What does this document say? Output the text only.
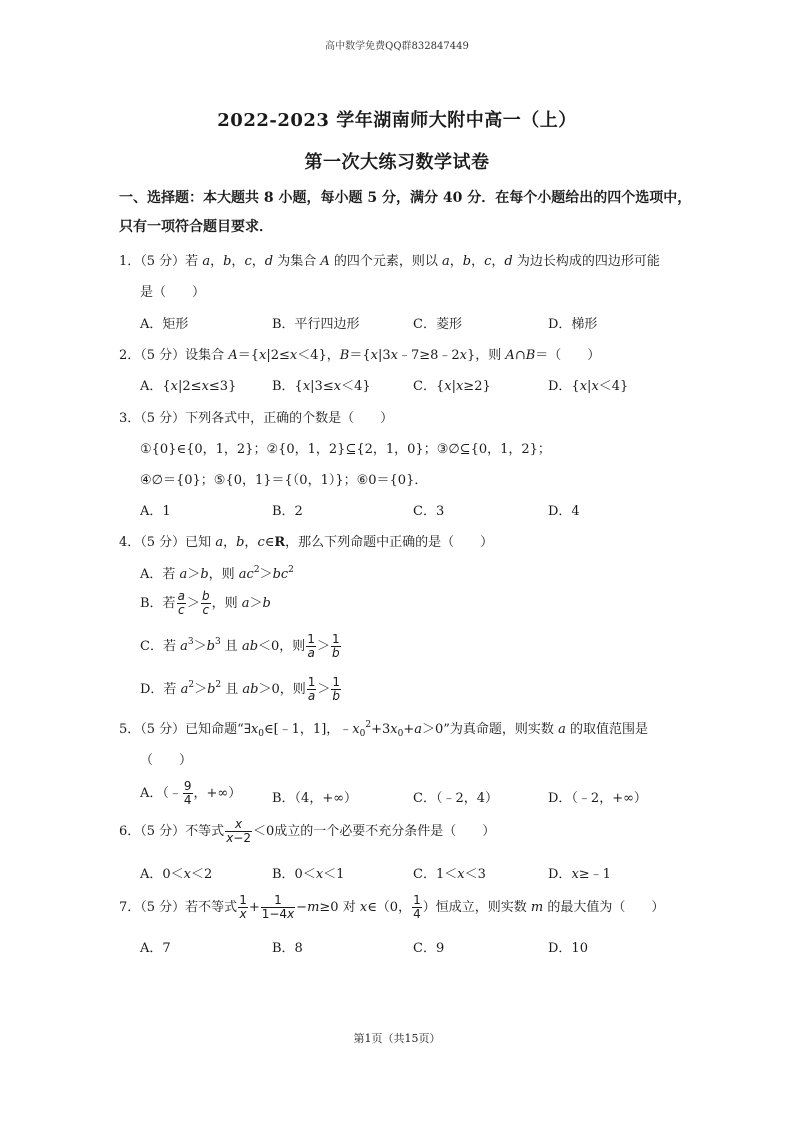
高中数学免费QQ群832847449
2022-2023 学年湖南师大附中高一（上）
第一次大练习数学试卷
一、选择题：本大题共 8 小题，每小题 5 分，满分 40 分．在每个小题给出的四个选项中，
只有一项符合题目要求．
1．（5 分）若 a，b，c，d 为集合 A 的四个元素，则以 a，b，c，d 为边长构成的四边形可能
是（　　）
A．矩形	B．平行四边形	C．菱形	D．梯形
2．（5 分）设集合 A＝{x|2≤x＜4}，B＝{x|3x﹣7≥8﹣2x}，则 A∩B＝（　　）
A．{x|2≤x≤3}	B．{x|3≤x＜4}	C．{x|x≥2}	D．{x|x＜4}
3．（5 分）下列各式中，正确的个数是（　　）
①{0}∈{0，1，2}；②{0，1，2}⊆{2，1，0}；③∅⊆{0，1，2}；
④∅＝{0}；⑤{0，1}＝{（0，1）}；⑥0＝{0}．
A．1	B．2	C．3	D．4
4．（5 分）已知 a，b，c∈R，那么下列命题中正确的是（　　）
A．若 a＞b，则 $ac^2>bc^2$
B．若 $\frac{a}{c} > \frac{b}{c}$ ，则 a＞b
C．若 $a^3>b^3$ 且 ab＜0，则 $\frac{1}{a} > \frac{1}{b}$
D．若 $a^2>b^2$ 且 ab＞0，则 $\frac{1}{a} > \frac{1}{b}$
5．（5 分）已知命题“$\exists x_0\in[﹣1$，1]，$﹣x_0^2+3x_0+a>0$”为真命题，则实数 a 的取值范围是
（　　）
A．（﹣ $\frac{9}{4}$ ，+∞） B．（4，+∞）	C．（﹣2，4）	D．（﹣2，+∞）
6．（5 分）不等式 $\frac{x}{x-2} <0$成立的一个必要不充分条件是（　　）
A．0＜x＜2	B．0＜x＜1	C．1＜x＜3	D．x≥﹣1
7．（5 分）若不等式 $\frac{1}{x} + \frac{1}{1-4x} -m\ge 0$ 对 x∈（0， $\frac{1}{4}$ ）恒成立，则实数 m 的最大值为（　　）
A．7	B．8	C．9	D．10
第1页（共15页）
